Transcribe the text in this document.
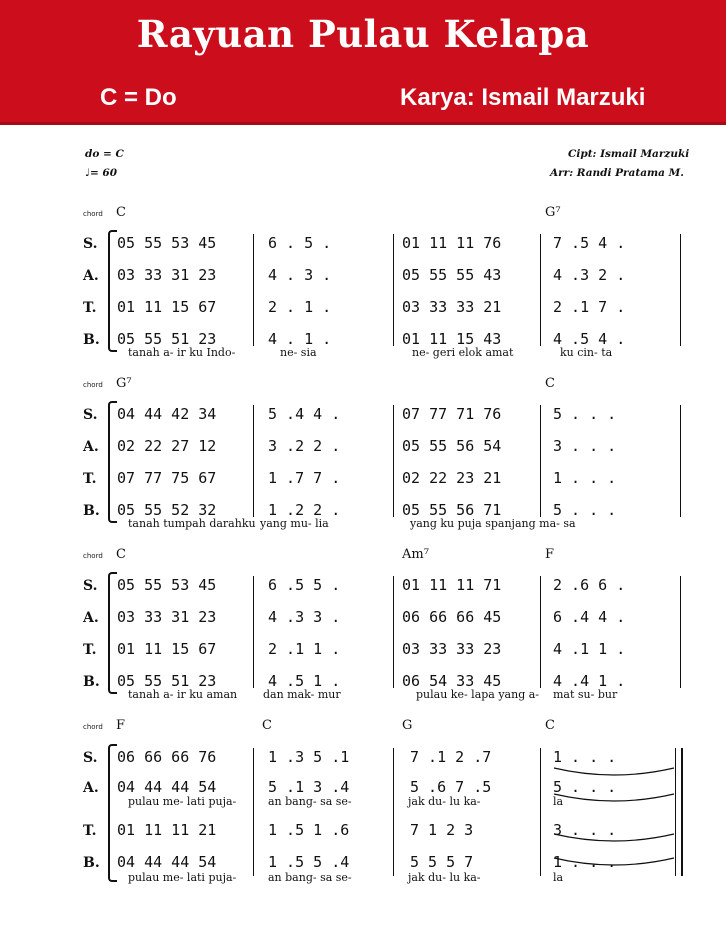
Rayuan Pulau Kelapa
C = Do	Karya: Ismail Marzuki
do = C
♩= 60
Cipt: Ismail Marzuki
Arr: Randi Pratama M.
chord C	G⁷
S.
A.
T.
B.
05 55 53 45	6 . 5 .	01 11 11 76	7 .5 4 .
03 33 31 23	4 . 3 .	05 55 55 43	4 .3 2 .
01 11 15 67	2 . 1 .	03 33 33 21	2 .1 7 .
05 55 51 23	4 . 1 .	01 11 15 43	4 .5 4 .
tanah a- ir ku Indo-	ne- sia	ne- geri elok amat	ku cin- ta
chord G⁷	C
S.
A.
T.
B.
04 44 42 34	5 .4 4 .	07 77 71 76	5 . . .
02 22 27 12	3 .2 2 .	05 55 56 54	3 . . .
07 77 75 67	1 .7 7 .	02 22 23 21	1 . . .
05 55 52 32	1 .2 2 .	05 55 56 71	5 . . .
tanah tumpah darahku yang mu- lia	yang ku puja spanjang ma- sa
chord C	Am⁷	F
S.
A.
T.
B.
05 55 53 45	6 .5 5 .	01 11 11 71	2 .6 6 .
03 33 31 23	4 .3 3 .	06 66 66 45	6 .4 4 .
01 11 15 67	2 .1 1 .	03 33 33 23	4 .1 1 .
05 55 51 23	4 .5 1 .	06 54 33 45	4 .4 1 .
tanah a- ir ku aman dan mak- mur	pulau ke- lapa yang a- mat su- bur
chord F	C	G	C
S.
A.
T.
B.
06 66 66 76	1 .3 5 .1	7 .1 2 .7	1 . . .
04 44 44 54	5 .1 3 .4	5 .6 7 .5	5 . . .
pulau me- lati puja-	an bang- sa se-	jak du- lu ka-	la
01 11 11 21	1 .5 1 .6	7 1 2 3	3 . . .
04 44 44 54	1 .5 5 .4	5 5 5 7	1 . . .
pulau me- lati puja-	an bang- sa se-	jak du- lu ka-	la
